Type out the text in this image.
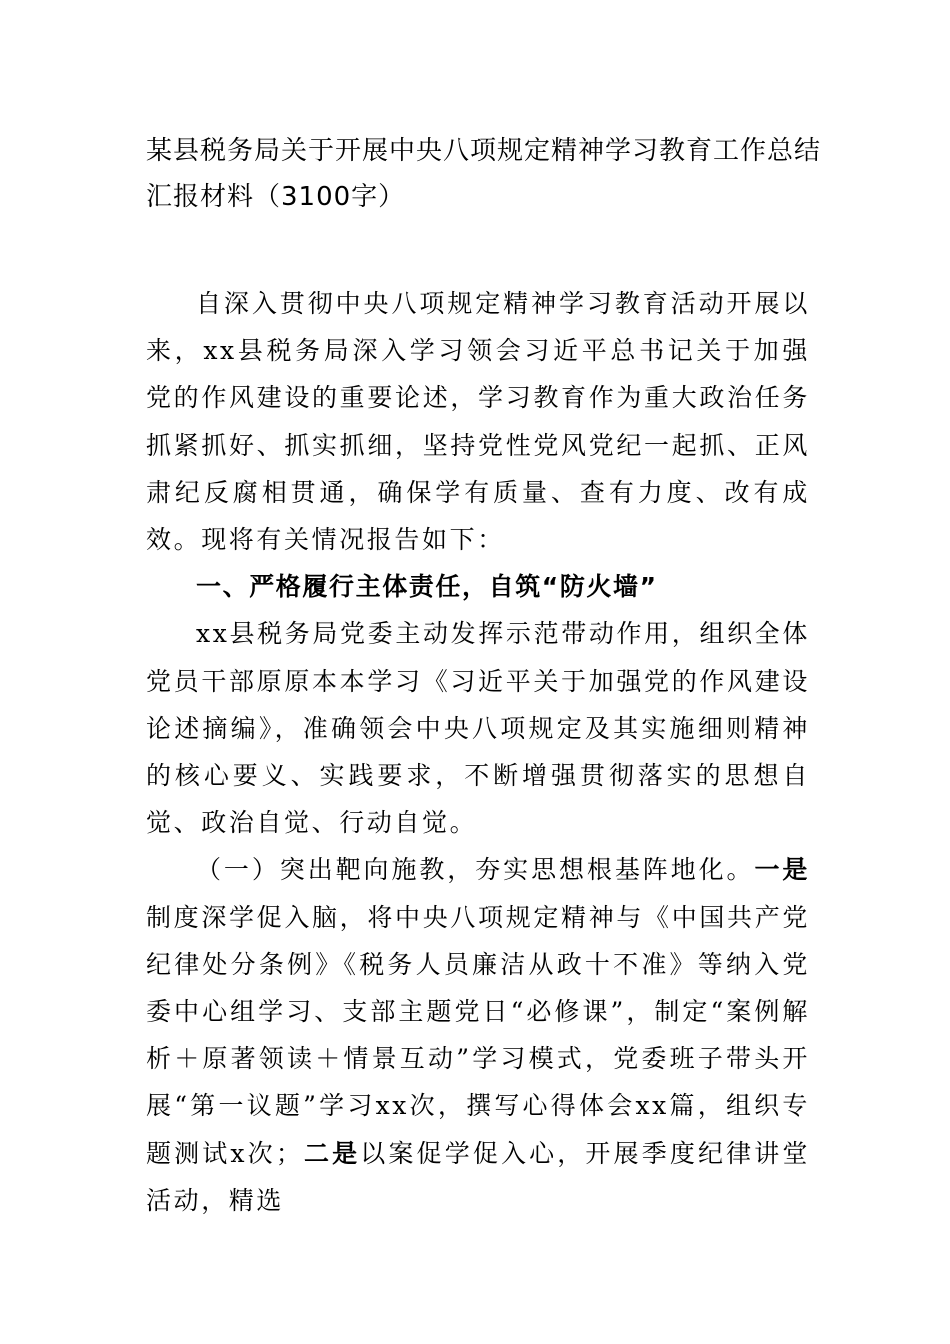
某县税务局关于开展中央八项规定精神学习教育工作总结汇报材料（3100字）

自深入贯彻中央八项规定精神学习教育活动开展以来，xx县税务局深入学习领会习近平总书记关于加强党的作风建设的重要论述，学习教育作为重大政治任务抓紧抓好、抓实抓细，坚持党性党风党纪一起抓、正风肃纪反腐相贯通，确保学有质量、查有力度、改有成效。现将有关情况报告如下：

一、严格履行主体责任，自筑“防火墙”

xx县税务局党委主动发挥示范带动作用，组织全体党员干部原原本本学习《习近平关于加强党的作风建设论述摘编》，准确领会中央八项规定及其实施细则精神的核心要义、实践要求，不断增强贯彻落实的思想自觉、政治自觉、行动自觉。

（一）突出靶向施教，夯实思想根基阵地化。一是制度深学促入脑，将中央八项规定精神与《中国共产党纪律处分条例》《税务人员廉洁从政十不准》等纳入党委中心组学习、支部主题党日“必修课”，制定“案例解析＋原著领读＋情景互动”学习模式，党委班子带头开展“第一议题”学习xx次，撰写心得体会xx篇，组织专题测试x次；二是以案促学促入心，开展季度纪律讲堂活动，精选
